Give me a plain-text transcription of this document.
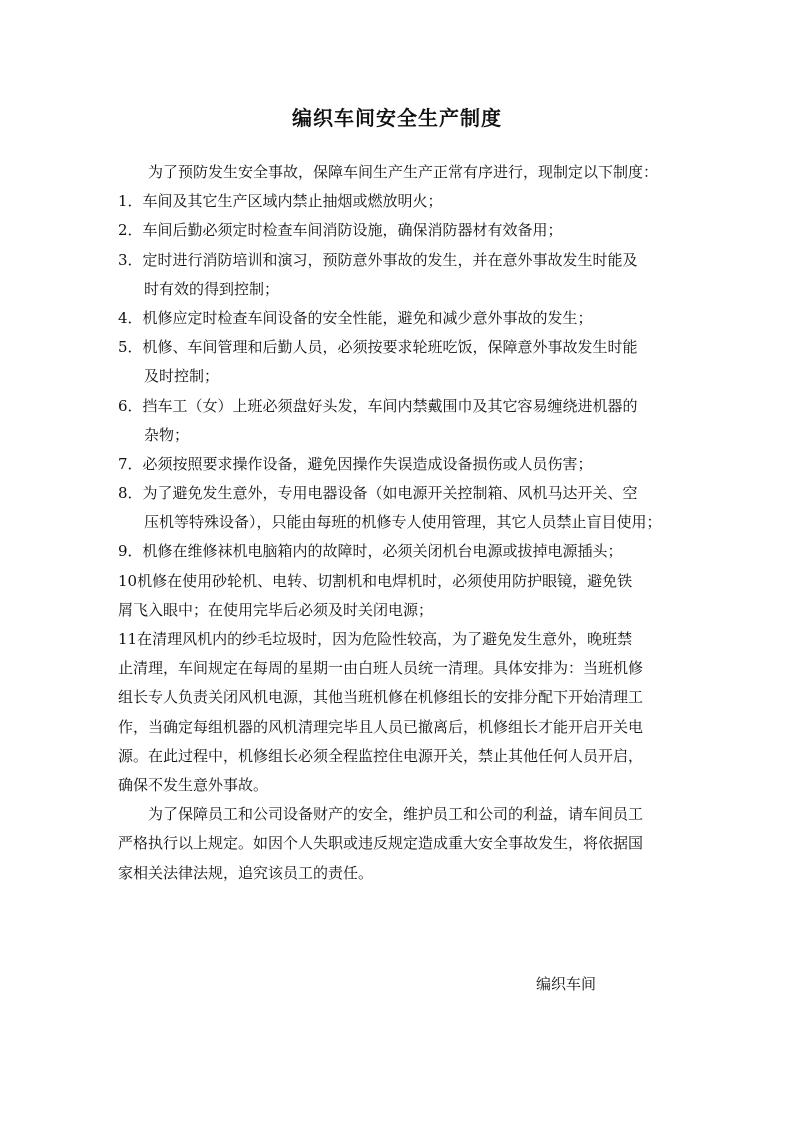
编织车间安全生产制度
为了预防发生安全事故，保障车间生产生产正常有序进行，现制定以下制度：
1．车间及其它生产区域内禁止抽烟或燃放明火；
2．车间后勤必须定时检查车间消防设施，确保消防器材有效备用；
3．定时进行消防培训和演习，预防意外事故的发生，并在意外事故发生时能及
时有效的得到控制；
4．机修应定时检查车间设备的安全性能，避免和减少意外事故的发生；
5．机修、车间管理和后勤人员，必须按要求轮班吃饭，保障意外事故发生时能
及时控制；
6．挡车工（女）上班必须盘好头发，车间内禁戴围巾及其它容易缠绕进机器的
杂物；
7．必须按照要求操作设备，避免因操作失误造成设备损伤或人员伤害；
8．为了避免发生意外，专用电器设备（如电源开关控制箱、风机马达开关、空
压机等特殊设备），只能由每班的机修专人使用管理，其它人员禁止盲目使用；
9．机修在维修袜机电脑箱内的故障时，必须关闭机台电源或拔掉电源插头；
10机修在使用砂轮机、电转、切割机和电焊机时，必须使用防护眼镜，避免铁
屑飞入眼中；在使用完毕后必须及时关闭电源；
11在清理风机内的纱毛垃圾时，因为危险性较高，为了避免发生意外，晚班禁
止清理，车间规定在每周的星期一由白班人员统一清理。具体安排为：当班机修
组长专人负责关闭风机电源，其他当班机修在机修组长的安排分配下开始清理工
作，当确定每组机器的风机清理完毕且人员已撤离后，机修组长才能开启开关电
源。在此过程中，机修组长必须全程监控住电源开关，禁止其他任何人员开启，
确保不发生意外事故。
为了保障员工和公司设备财产的安全，维护员工和公司的利益，请车间员工
严格执行以上规定。如因个人失职或违反规定造成重大安全事故发生，将依据国
家相关法律法规，追究该员工的责任。
编织车间
